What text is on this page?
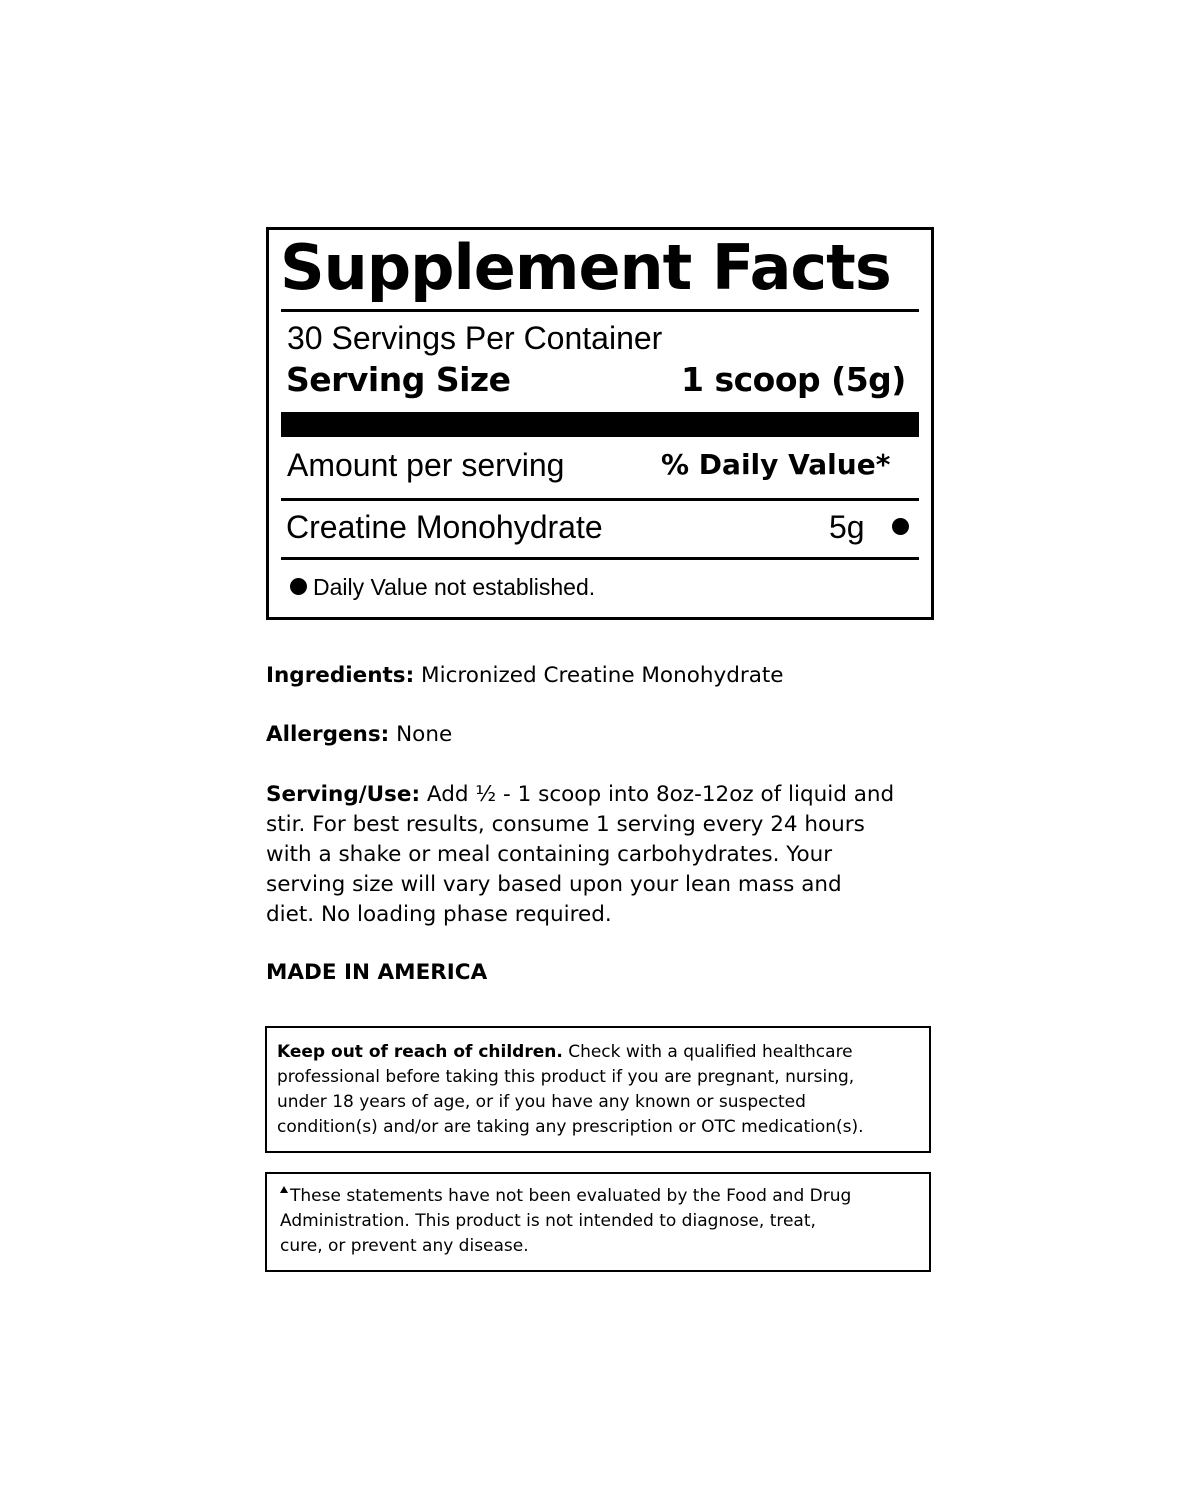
Supplement Facts
30 Servings Per Container
Serving Size	1 scoop (5g)
Amount per serving	% Daily Value*
Creatine Monohydrate	5g
Daily Value not established.

Ingredients: Micronized Creatine Monohydrate

Allergens: None

Serving/Use: Add ½ - 1 scoop into 8oz-12oz of liquid and
stir. For best results, consume 1 serving every 24 hours
with a shake or meal containing carbohydrates. Your
serving size will vary based upon your lean mass and
diet. No loading phase required.

MADE IN AMERICA

Keep out of reach of children. Check with a qualified healthcare
professional before taking this product if you are pregnant, nursing,
under 18 years of age, or if you have any known or suspected
condition(s) and/or are taking any prescription or OTC medication(s).
These statements have not been evaluated by the Food and Drug
Administration. This product is not intended to diagnose, treat,
cure, or prevent any disease.
